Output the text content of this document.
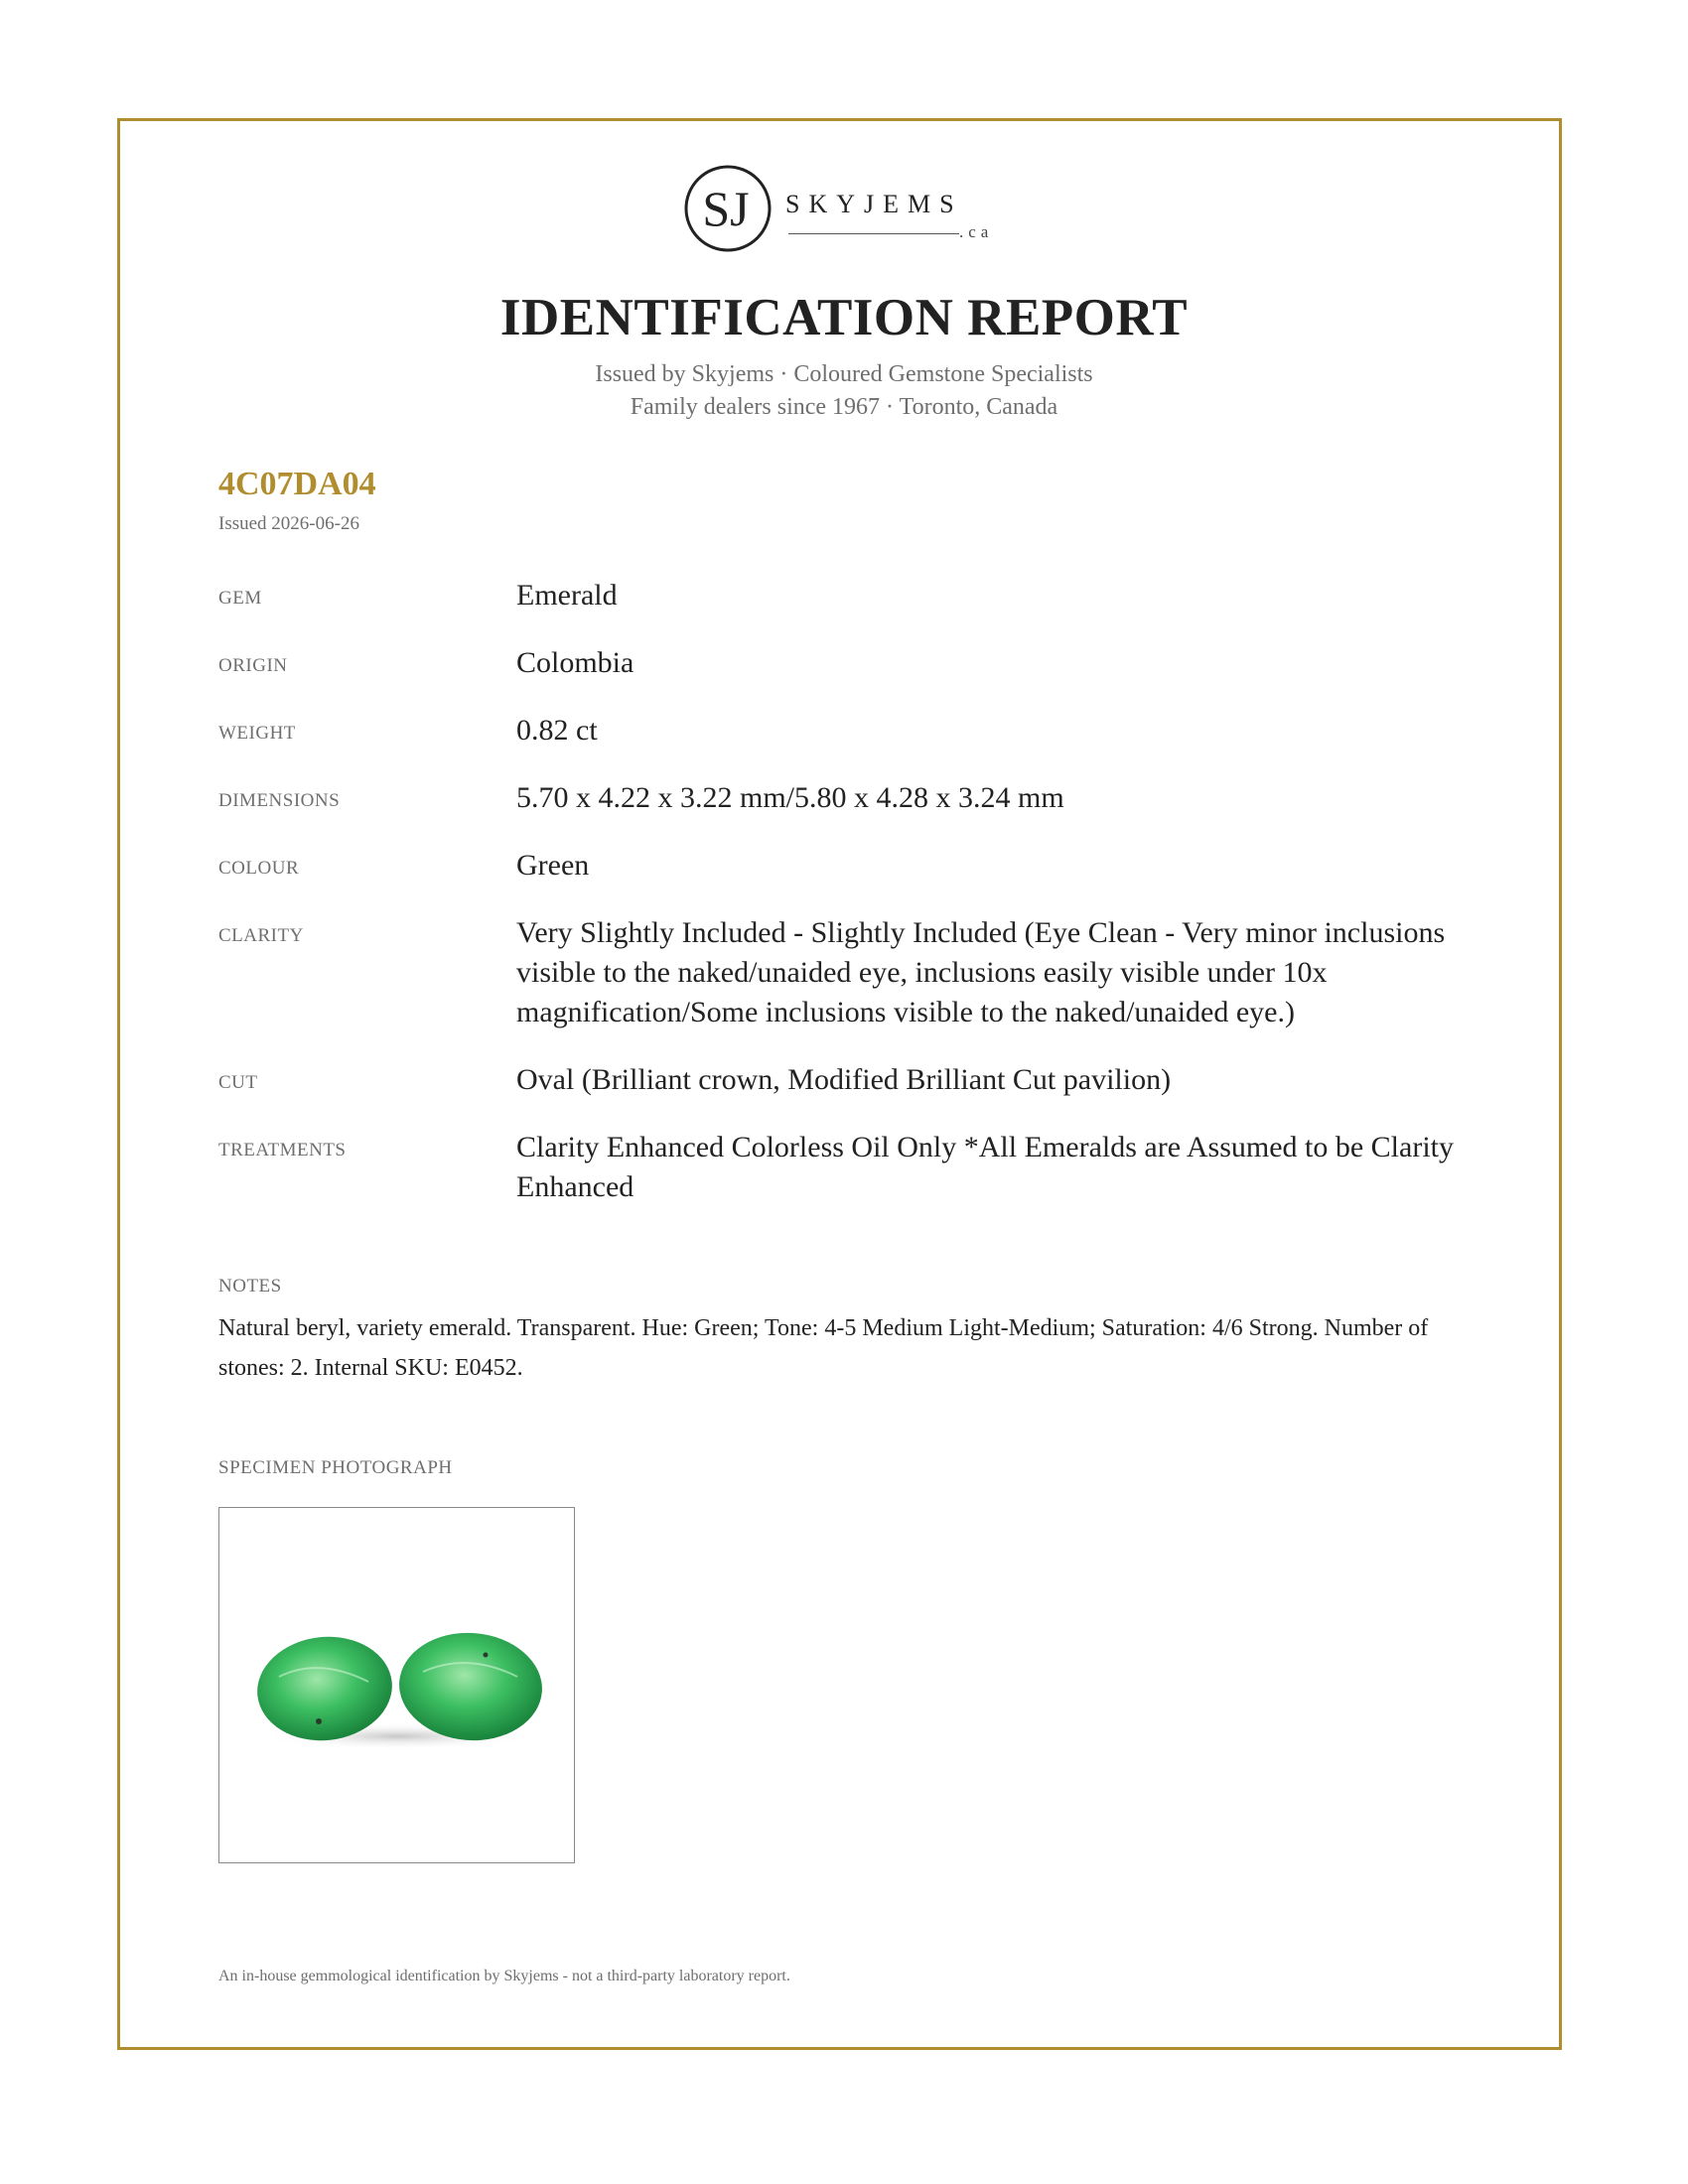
SJ SKYJEMS
.ca
IDENTIFICATION REPORT
Issued by Skyjems · Coloured Gemstone Specialists
Family dealers since 1967 · Toronto, Canada
4C07DA04
Issued 2026-06-26
GEM	Emerald
ORIGIN	Colombia
WEIGHT	0.82 ct
DIMENSIONS	5.70 x 4.22 x 3.22 mm/5.80 x 4.28 x 3.24 mm
COLOUR	Green
CLARITY	Very Slightly Included - Slightly Included (Eye Clean - Very minor inclusions visible to the naked/unaided eye, inclusions easily visible under 10x magnification/Some inclusions visible to the naked/unaided eye.)
CUT	Oval (Brilliant crown, Modified Brilliant Cut pavilion)
TREATMENTS	Clarity Enhanced Colorless Oil Only *All Emeralds are Assumed to be Clarity Enhanced
NOTES
Natural beryl, variety emerald. Transparent. Hue: Green; Tone: 4-5 Medium Light-Medium; Saturation: 4/6 Strong. Number of stones: 2. Internal SKU: E0452.
SPECIMEN PHOTOGRAPH
An in-house gemmological identification by Skyjems - not a third-party laboratory report.
